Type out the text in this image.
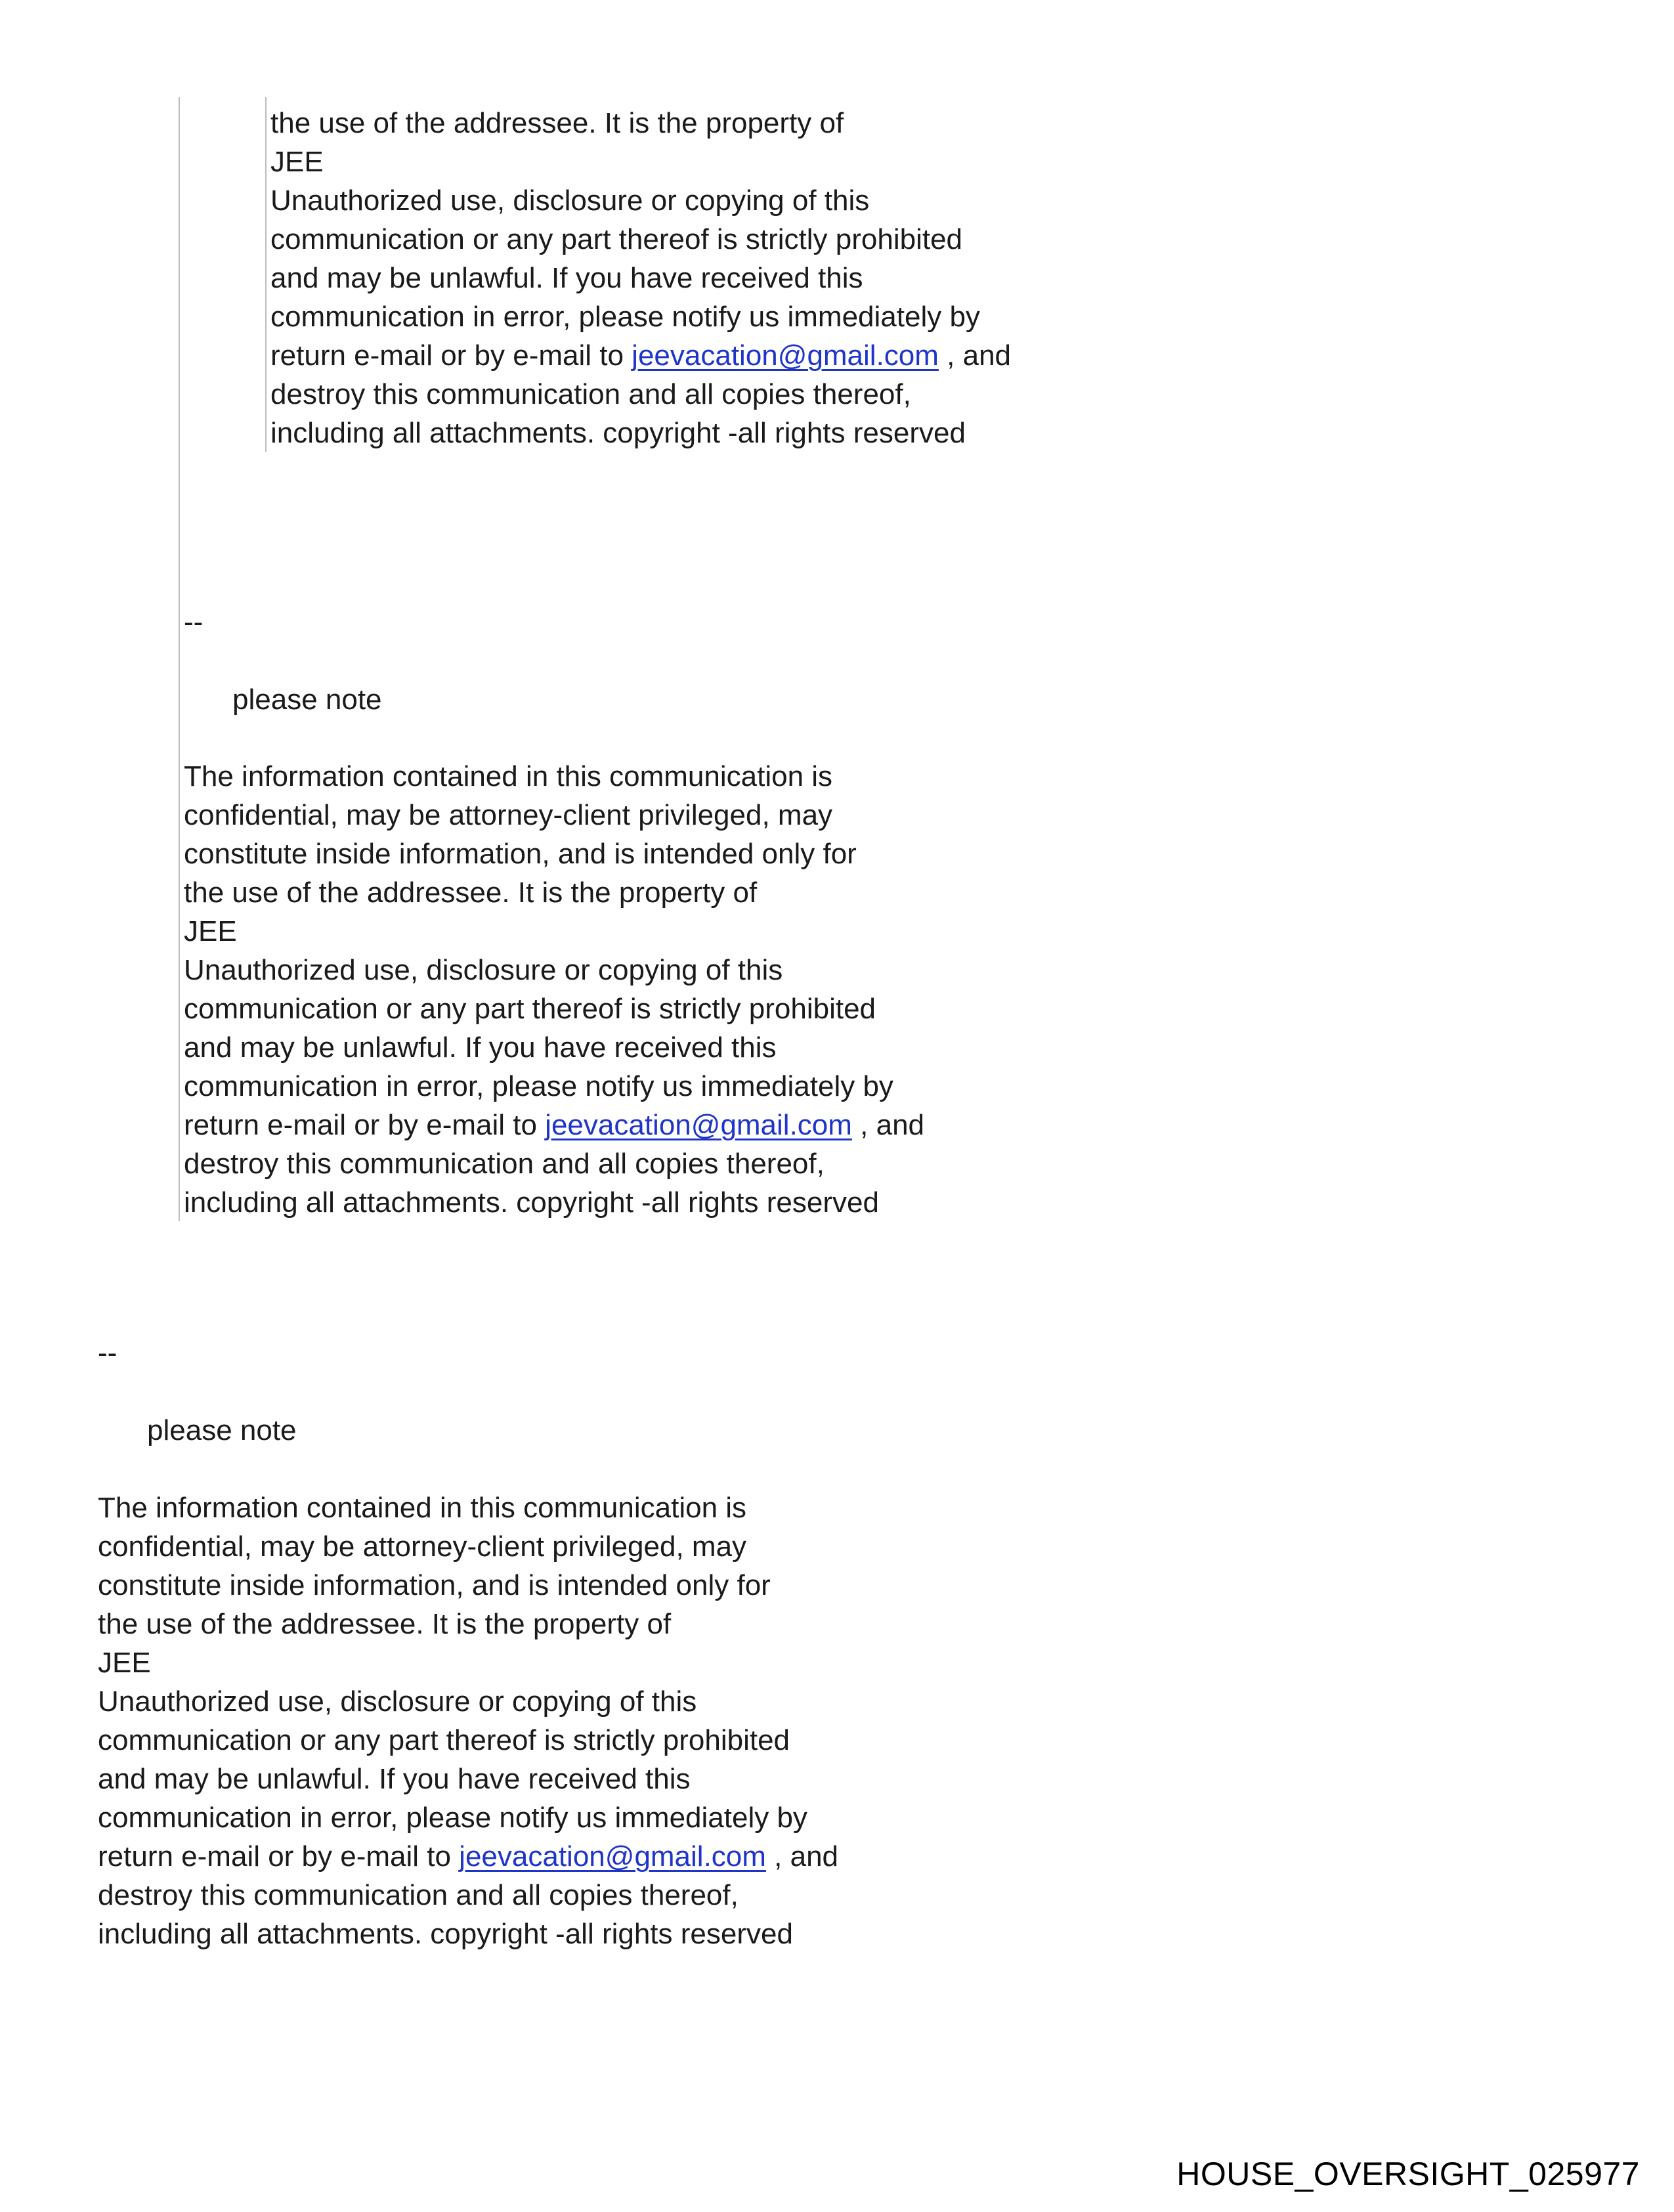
the use of the addressee. It is the property of
JEE
Unauthorized use, disclosure or copying of this
communication or any part thereof is strictly prohibited
and may be unlawful. If you have received this
communication in error, please notify us immediately by
return e-mail or by e-mail to jeevacation@gmail.com , and
destroy this communication and all copies thereof,
including all attachments. copyright -all rights reserved
--
please note
The information contained in this communication is
confidential, may be attorney-client privileged, may
constitute inside information, and is intended only for
the use of the addressee. It is the property of
JEE
Unauthorized use, disclosure or copying of this
communication or any part thereof is strictly prohibited
and may be unlawful. If you have received this
communication in error, please notify us immediately by
return e-mail or by e-mail to jeevacation@gmail.com , and
destroy this communication and all copies thereof,
including all attachments. copyright -all rights reserved
--
please note
The information contained in this communication is
confidential, may be attorney-client privileged, may
constitute inside information, and is intended only for
the use of the addressee. It is the property of
JEE
Unauthorized use, disclosure or copying of this
communication or any part thereof is strictly prohibited
and may be unlawful. If you have received this
communication in error, please notify us immediately by
return e-mail or by e-mail to jeevacation@gmail.com , and
destroy this communication and all copies thereof,
including all attachments. copyright -all rights reserved
HOUSE_OVERSIGHT_025977
